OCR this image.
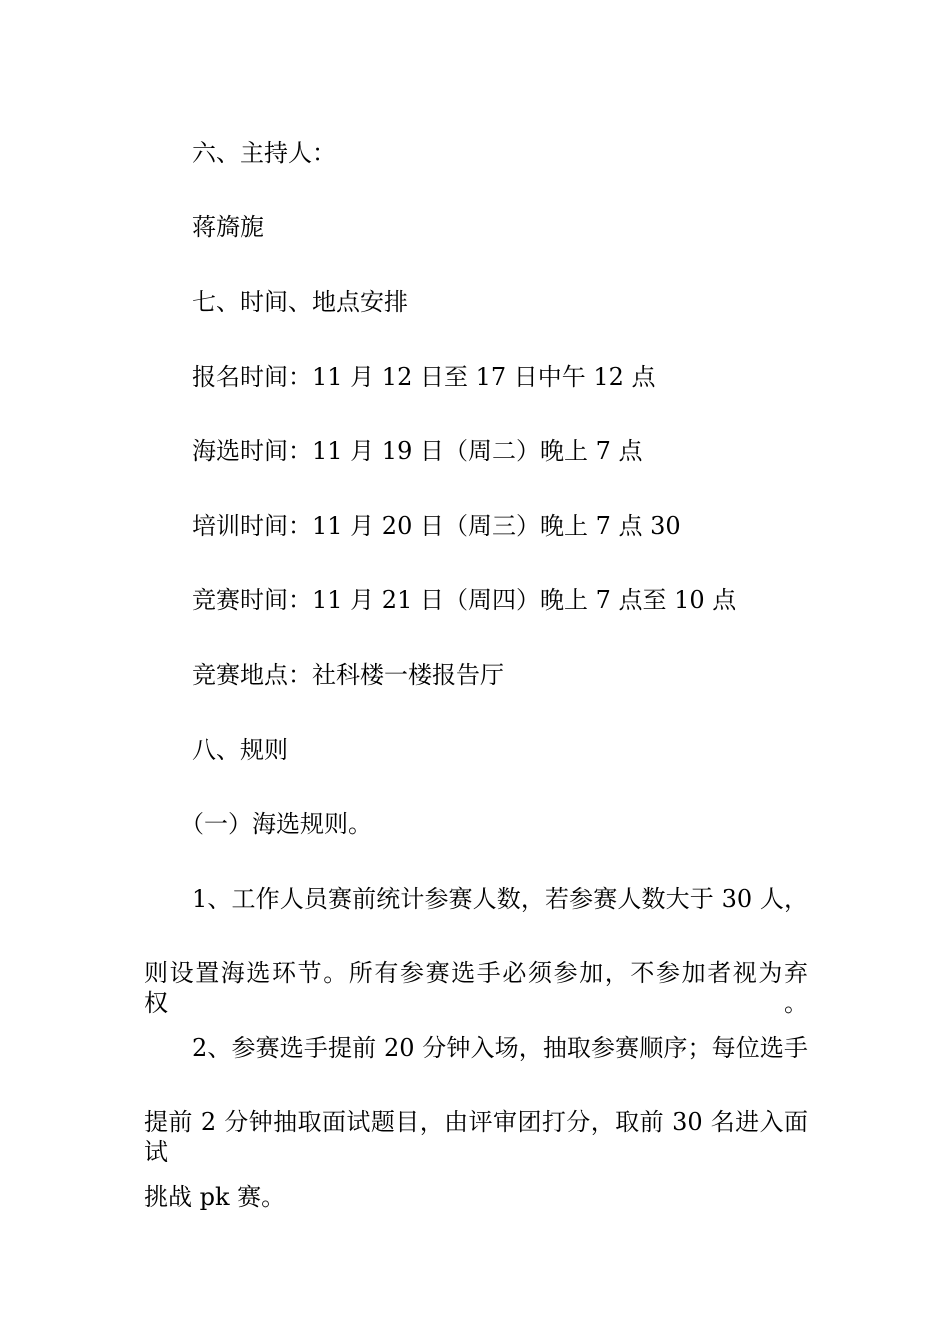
六、主持人：
蒋旖旎
七、时间、地点安排
报名时间：11 月 12 日至 17 日中午 12 点
海选时间：11 月 19 日（周二）晚上 7 点
培训时间：11 月 20 日（周三）晚上 7 点 30
竞赛时间：11 月 21 日（周四）晚上 7 点至 10 点
竞赛地点：社科楼一楼报告厅
八、规则
（一）海选规则。
1、工作人员赛前统计参赛人数，若参赛人数大于 30 人，
则设置海选环节。所有参赛选手必须参加，不参加者视为弃权。
2、参赛选手提前 20 分钟入场，抽取参赛顺序；每位选手
提前 2 分钟抽取面试题目，由评审团打分，取前 30 名进入面试
挑战 pk 赛。
